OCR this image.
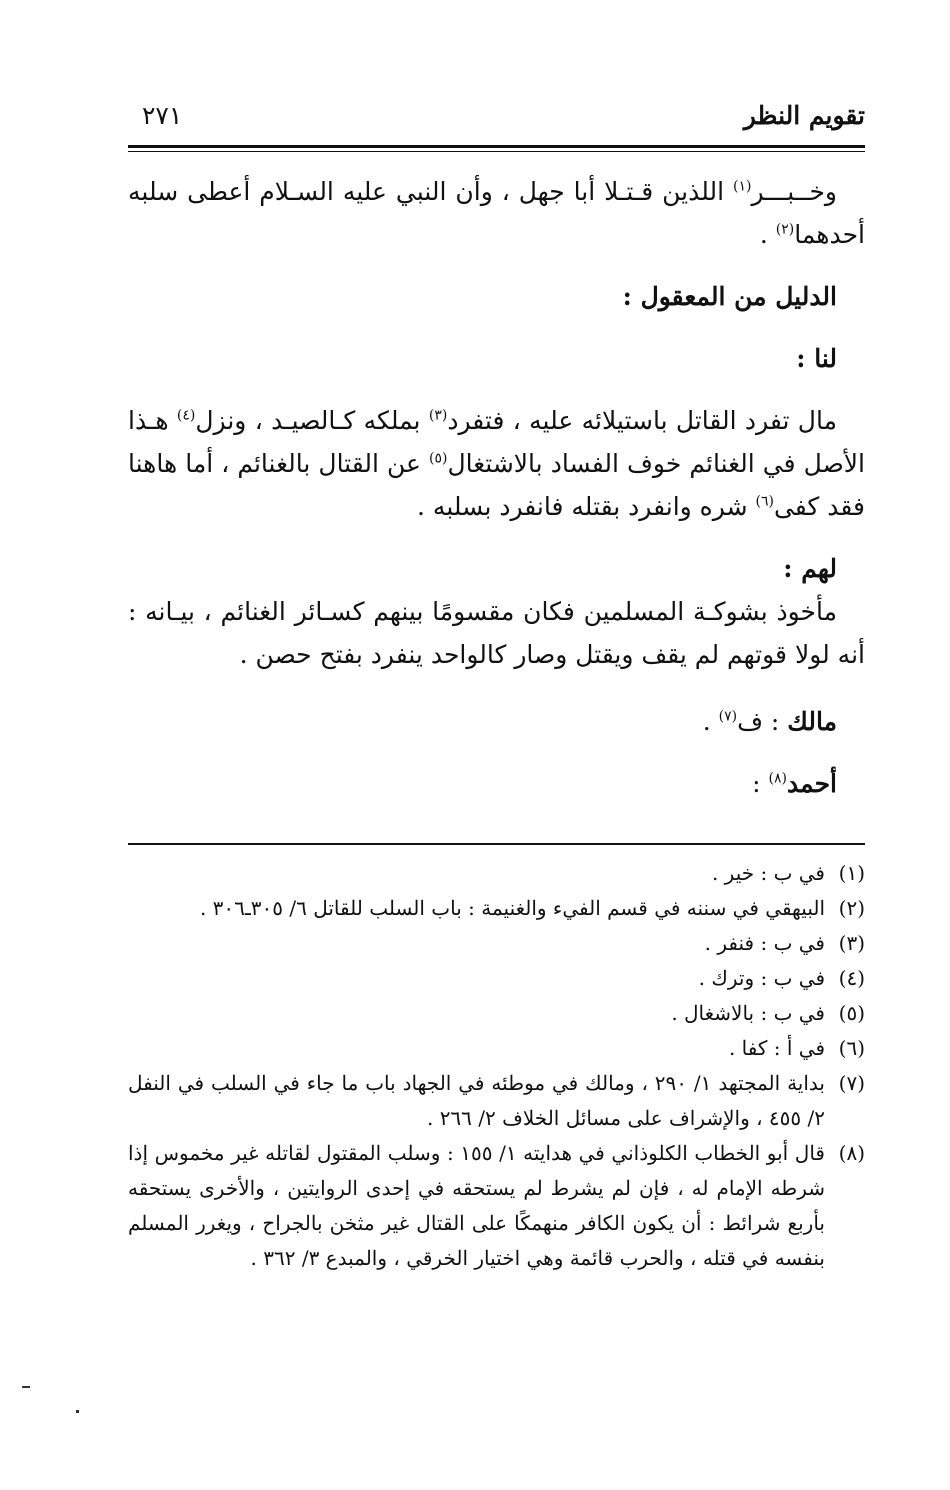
تقويم النظر
٢٧١

وخــبـــر$^{(١)}$ اللذين قـتـلا أبا جهل ، وأن النبي عليه السـلام أعطى سلبه أحدهما$^{(٢)}$ .

الدليل من المعقول :

لنا :

مال تفرد القاتل باستيلائه عليه ، فتفرد$^{(٣)}$ بملكه كـالصيـد ، ونزل$^{(٤)}$ هـذا الأصل في الغنائم خوف الفساد بالاشتغال$^{(٥)}$ عن القتال بالغنائم ، أما هاهنا فقد كفى$^{(٦)}$ شره وانفرد بقتله فانفرد بسلبه .

لهم :

مأخوذ بشوكـة المسلمين فكان مقسومًا بينهم كسـائر الغنائم ، بيـانه : أنه لولا قوتهم لم يقف ويقتل وصار كالواحد ينفرد بفتح حصن .

مالك : ف$^{(٧)}$ .

أحمد$^{(٨)}$ :

(١)
في ب : خير .
(٢)
البيهقي في سننه في قسم الفيء والغنيمة : باب السلب للقاتل ٦/ ٣٠٥ـ٣٠٦ .
(٣)
في ب : فنفر .
(٤)
في ب : وترك .
(٥)
في ب : بالاشغال .
(٦)
في أ : كفا .
(٧)
بداية المجتهد ١/ ٢٩٠ ، ومالك في موطئه في الجهاد باب ما جاء في السلب في النفل ٢/ ٤٥٥ ، والإشراف على مسائل الخلاف ٢/ ٢٦٦ .
(٨)
قال أبو الخطاب الكلوذاني في هدايته ١/ ١٥٥ : وسلب المقتول لقاتله غير مخموس إذا شرطه الإمام له ، فإن لم يشرط لم يستحقه في إحدى الروايتين ، والأخرى يستحقه بأربع شرائط : أن يكون الكافر منهمكًا على القتال غير مثخن بالجراح ، ويغرر المسلم بنفسه في قتله ، والحرب قائمة وهي اختيار الخرقي ، والمبدع ٣/ ٣٦٢ .
